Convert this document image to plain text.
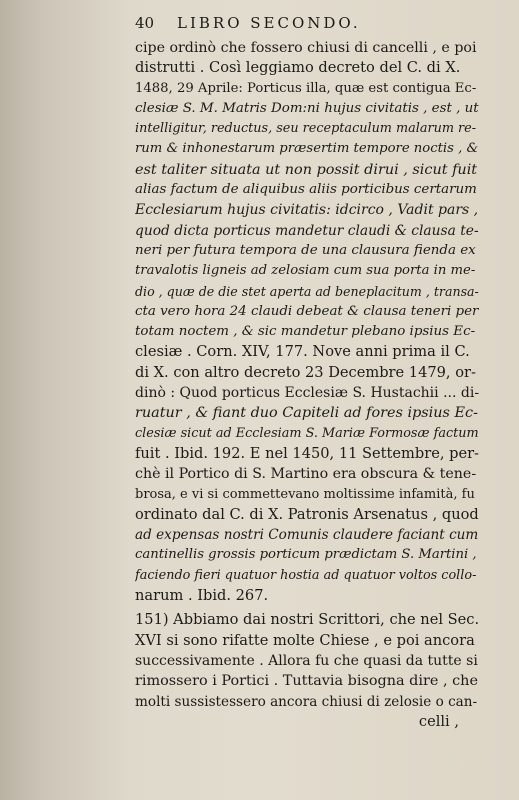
40	LIBRO SECONDO.
cipe ordinò che fossero chiusi di cancelli , e poi
distrutti . Così leggiamo decreto del C. di X.
1488, 29 Aprile: Porticus illa, quæ est contigua Ec-
clesiæ S. M. Matris Dom:ni hujus civitatis , est , ut
intelligitur, reductus, seu receptaculum malarum re-
rum & inhonestarum præsertim tempore noctis , &
est taliter situata ut non possit dirui , sicut fuit
alias factum de aliquibus aliis porticibus certarum
Ecclesiarum hujus civitatis: idcirco , Vadit pars ,
quod dicta porticus mandetur claudi & clausa te-
neri per futura tempora de una clausura fienda ex
travalotis ligneis ad zelosiam cum sua porta in me-
dio , quæ de die stet aperta ad beneplacitum , transa-
cta vero hora 24 claudi debeat & clausa teneri per
totam noctem , & sic mandetur plebano ipsius Ec-
clesiæ . Corn. XIV, 177. Nove anni prima il C.
di X. con altro decreto 23 Decembre 1479, or-
dinò : Quod porticus Ecclesiæ S. Hustachii ... di-
ruatur , & fiant duo Capiteli ad fores ipsius Ec-
clesiæ sicut ad Ecclesiam S. Mariæ Formosæ factum
fuit . Ibid. 192. E nel 1450, 11 Settembre, per-
chè il Portico di S. Martino era obscura & tene-
brosa, e vi si commettevano moltissime infamità, fu
ordinato dal C. di X. Patronis Arsenatus , quod
ad expensas nostri Comunis claudere faciant cum
cantinellis grossis porticum prædictam S. Martini ,
faciendo fieri quatuor hostia ad quatuor voltos collo-
narum . Ibid. 267.
151) Abbiamo dai nostri Scrittori, che nel Sec.
XVI si sono rifatte molte Chiese , e poi ancora
successivamente . Allora fu che quasi da tutte si
rimossero i Portici . Tuttavia bisogna dire , che
molti sussistessero ancora chiusi di zelosie o can-
celli ,
